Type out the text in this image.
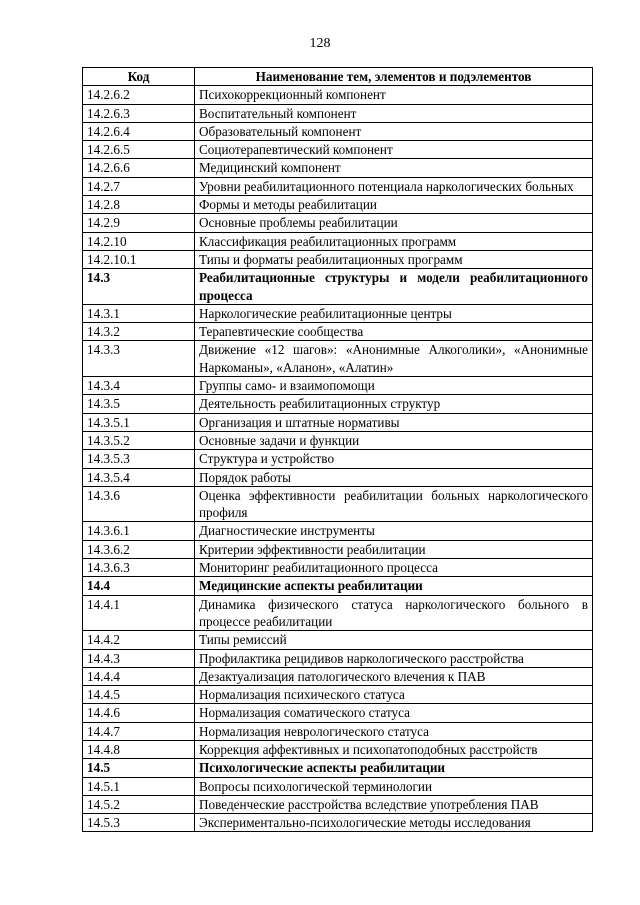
128
Код	Наименование тем, элементов и подэлементов
14.2.6.2	Психокоррекционный компонент
14.2.6.3	Воспитательный компонент
14.2.6.4	Образовательный компонент
14.2.6.5	Социотерапевтический компонент
14.2.6.6	Медицинский компонент
14.2.7	Уровни реабилитационного потенциала наркологических больных
14.2.8	Формы и методы реабилитации
14.2.9	Основные проблемы реабилитации
14.2.10	Классификация реабилитационных программ
14.2.10.1	Типы и форматы реабилитационных программ
14.3	Реабилитационные структуры и модели реабилитационного процесса
14.3.1	Наркологические реабилитационные центры
14.3.2	Терапевтические сообщества
14.3.3	Движение «12 шагов»: «Анонимные Алкоголики», «Анонимные Наркоманы», «Аланон», «Алатин»
14.3.4	Группы само- и взаимопомощи
14.3.5	Деятельность реабилитационных структур
14.3.5.1	Организация и штатные нормативы
14.3.5.2	Основные задачи и функции
14.3.5.3	Структура и устройство
14.3.5.4	Порядок работы
14.3.6	Оценка эффективности реабилитации больных наркологического профиля
14.3.6.1	Диагностические инструменты
14.3.6.2	Критерии эффективности реабилитации
14.3.6.3	Мониторинг реабилитационного процесса
14.4	Медицинские аспекты реабилитации
14.4.1	Динамика физического статуса наркологического больного в процессе реабилитации
14.4.2	Типы ремиссий
14.4.3	Профилактика рецидивов наркологического расстройства
14.4.4	Дезактуализация патологического влечения к ПАВ
14.4.5	Нормализация психического статуса
14.4.6	Нормализация соматического статуса
14.4.7	Нормализация неврологического статуса
14.4.8	Коррекция аффективных и психопатоподобных расстройств
14.5	Психологические аспекты реабилитации
14.5.1	Вопросы психологической терминологии
14.5.2	Поведенческие расстройства вследствие употребления ПАВ
14.5.3	Экспериментально-психологические методы исследования
